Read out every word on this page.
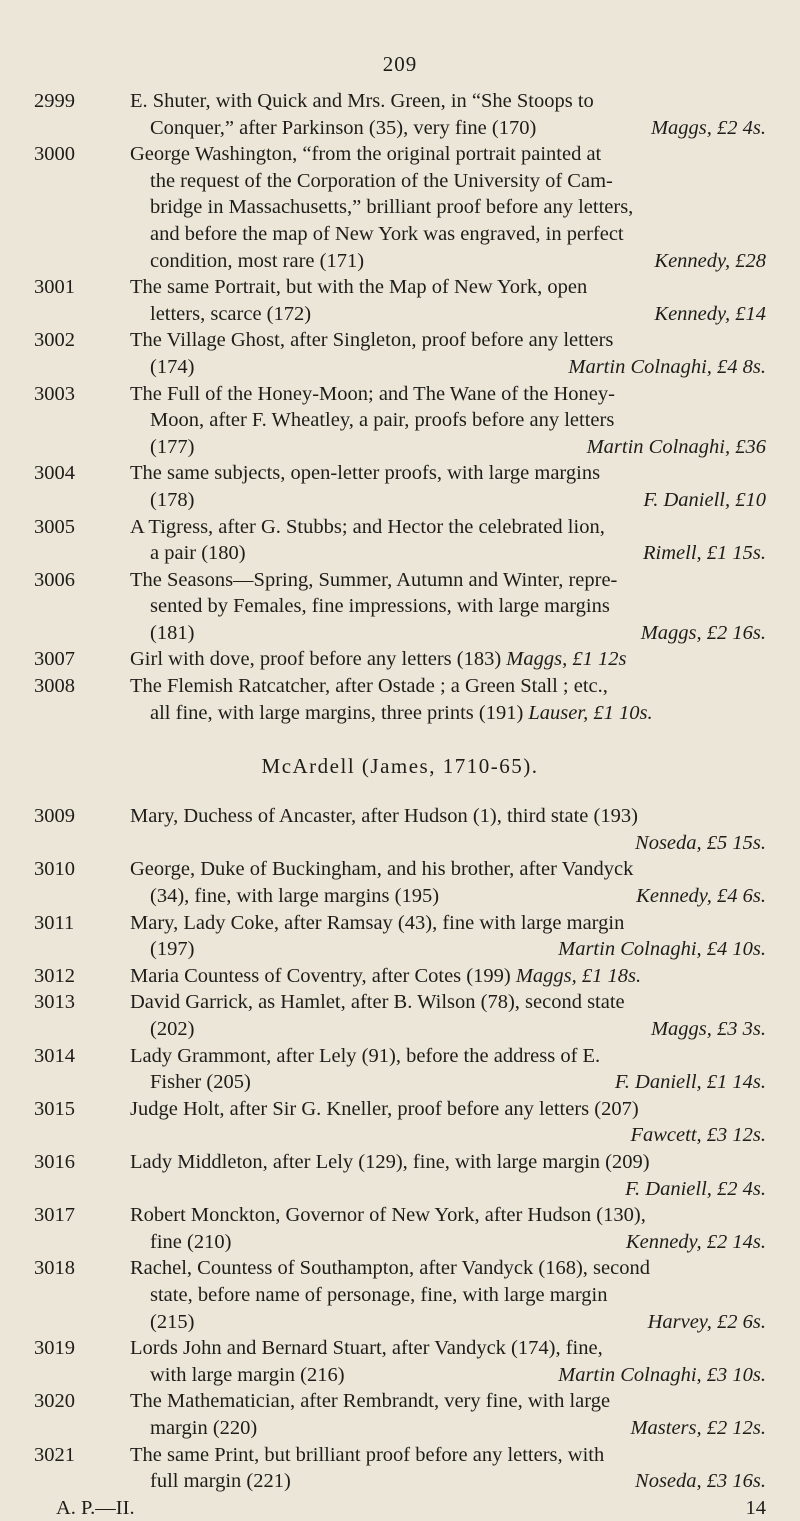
209
2999	E. Shuter, with Quick and Mrs. Green, in “She Stoops to
Conquer,” after Parkinson (35), very fine (170)	Maggs, £2 4s.
3000	George Washington, “from the original portrait painted at
the request of the Corporation of the University of Cam-
bridge in Massachusetts,” brilliant proof before any letters,
and before the map of New York was engraved, in perfect
condition, most rare (171)	Kennedy, £28
3001	The same Portrait, but with the Map of New York, open
letters, scarce (172)	Kennedy, £14
3002	The Village Ghost, after Singleton, proof before any letters
(174)	Martin Colnaghi, £4 8s.
3003	The Full of the Honey-Moon; and The Wane of the Honey-
Moon, after F. Wheatley, a pair, proofs before any letters
(177)	Martin Colnaghi, £36
3004	The same subjects, open-letter proofs, with large margins
(178)	F. Daniell, £10
3005	A Tigress, after G. Stubbs; and Hector the celebrated lion,
a pair (180)	Rimell, £1 15s.
3006	The Seasons—Spring, Summer, Autumn and Winter, repre-
sented by Females, fine impressions, with large margins
(181)	Maggs, £2 16s.
3007	Girl with dove, proof before any letters (183) Maggs, £1 12s
3008	The Flemish Ratcatcher, after Ostade ; a Green Stall ; etc.,
all fine, with large margins, three prints (191) Lauser, £1 10s.
McArdell (James, 1710-65).
3009	Mary, Duchess of Ancaster, after Hudson (1), third state (193)
Noseda, £5 15s.
3010	George, Duke of Buckingham, and his brother, after Vandyck
(34), fine, with large margins (195)	Kennedy, £4 6s.
3011	Mary, Lady Coke, after Ramsay (43), fine with large margin
(197)	Martin Colnaghi, £4 10s.
3012	Maria Countess of Coventry, after Cotes (199) Maggs, £1 18s.
3013	David Garrick, as Hamlet, after B. Wilson (78), second state
(202)	Maggs, £3 3s.
3014	Lady Grammont, after Lely (91), before the address of E.
Fisher (205)	F. Daniell, £1 14s.
3015	Judge Holt, after Sir G. Kneller, proof before any letters (207)
Fawcett, £3 12s.
3016	Lady Middleton, after Lely (129), fine, with large margin (209)
F. Daniell, £2 4s.
3017	Robert Monckton, Governor of New York, after Hudson (130),
fine (210)	Kennedy, £2 14s.
3018	Rachel, Countess of Southampton, after Vandyck (168), second
state, before name of personage, fine, with large margin
(215)	Harvey, £2 6s.
3019	Lords John and Bernard Stuart, after Vandyck (174), fine,
with large margin (216)	Martin Colnaghi, £3 10s.
3020	The Mathematician, after Rembrandt, very fine, with large
margin (220)	Masters, £2 12s.
3021	The same Print, but brilliant proof before any letters, with
full margin (221)	Noseda, £3 16s.
A. P.—II.	14
